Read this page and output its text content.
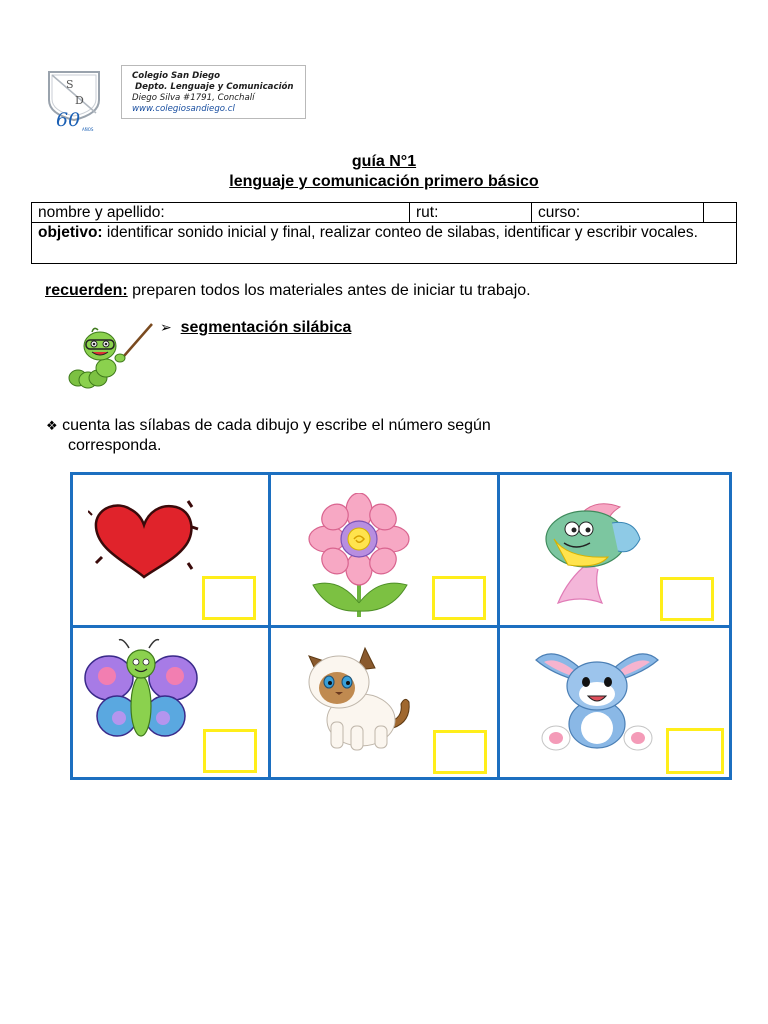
S
D
60 AÑOS
Colegio San Diego
Depto. Lenguaje y Comunicación
Diego Silva #1791, Conchalí
www.colegiosandiego.cl
guía N°1
lenguaje y comunicación primero básico
nombre y apellido:	rut:	curso:
objetivo: identificar sonido inicial y final, realizar conteo de silabas, identificar y escribir vocales.
recuerden: preparen todos los materiales antes de iniciar tu trabajo.
➢ segmentación silábica
❖ cuenta las sílabas de cada dibujo y escribe el número según
corresponda.
